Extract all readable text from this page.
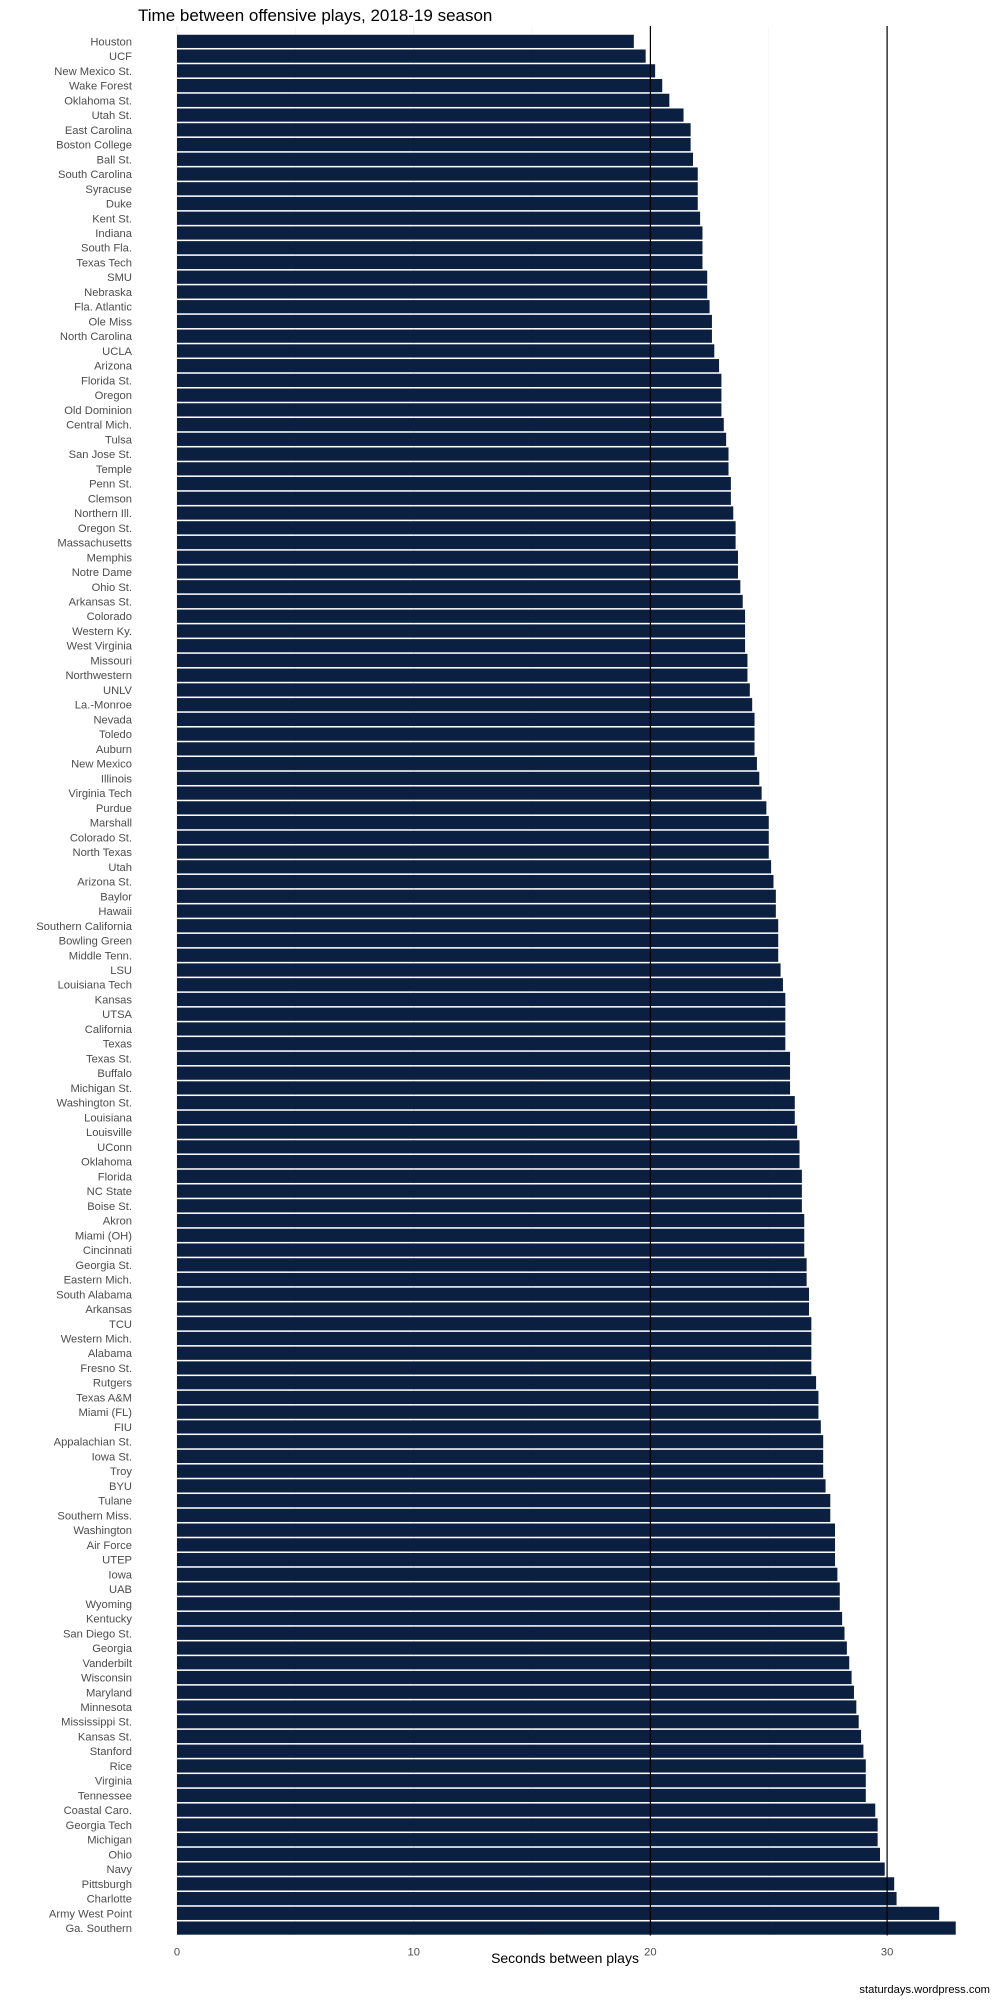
Time between offensive plays, 2018-19 season
Houston
UCF
New Mexico St.
Wake Forest
Oklahoma St.
Utah St.
East Carolina
Boston College
Ball St.
South Carolina
Syracuse
Duke
Kent St.
Indiana
South Fla.
Texas Tech
SMU
Nebraska
Fla. Atlantic
Ole Miss
North Carolina
UCLA
Arizona
Florida St.
Oregon
Old Dominion
Central Mich.
Tulsa
San Jose St.
Temple
Penn St.
Clemson
Northern Ill.
Oregon St.
Massachusetts
Memphis
Notre Dame
Ohio St.
Arkansas St.
Colorado
Western Ky.
West Virginia
Missouri
Northwestern
UNLV
La.-Monroe
Nevada
Toledo
Auburn
New Mexico
Illinois
Virginia Tech
Purdue
Marshall
Colorado St.
North Texas
Utah
Arizona St.
Baylor
Hawaii
Southern California
Bowling Green
Middle Tenn.
LSU
Louisiana Tech
Kansas
UTSA
California
Texas
Texas St.
Buffalo
Michigan St.
Washington St.
Louisiana
Louisville
UConn
Oklahoma
Florida
NC State
Boise St.
Akron
Miami (OH)
Cincinnati
Georgia St.
Eastern Mich.
South Alabama
Arkansas
TCU
Western Mich.
Alabama
Fresno St.
Rutgers
Texas A&M
Miami (FL)
FIU
Appalachian St.
Iowa St.
Troy
BYU
Tulane
Southern Miss.
Washington
Air Force
UTEP
Iowa
UAB
Wyoming
Kentucky
San Diego St.
Georgia
Vanderbilt
Wisconsin
Maryland
Minnesota
Mississippi St.
Kansas St.
Stanford
Rice
Virginia
Tennessee
Coastal Caro.
Georgia Tech
Michigan
Ohio
Navy
Pittsburgh
Charlotte
Army West Point
Ga. Southern
0	10	20	30
Seconds between plays
staturdays.wordpress.com
